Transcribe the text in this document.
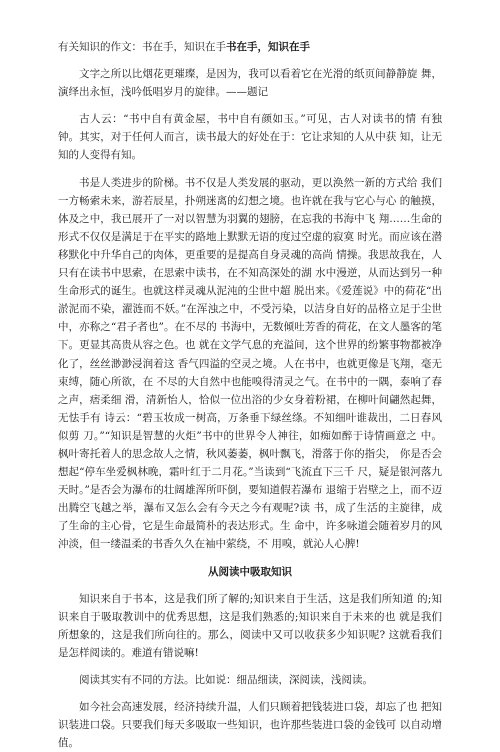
有关知识的作文：书在手，知识在手书在手，知识在手

文字之所以比烟花更璀璨，是因为，我可以看着它在光滑的纸页间静静旋 舞，演绎出永恒，浅吟低唱岁月的旋律。——题记

古人云：“书中自有黄金屋，书中自有颜如玉。”可见，古人对读书的情 有独钟。其实，对于任何人而言，读书最大的好处在于：它让求知的人从中获 知，让无知的人变得有知。

书是人类进步的阶梯。书不仅是人类发展的驱动，更以涣然一新的方式给 我们一方畅索未来，游若辰星，扑朔迷离的幻想之境。也许就在我与它心与心 的触摸，体及之中，我已展开了一对以智慧为羽翼的翅膀，在忘我的书海中飞 翔……生命的形式不仅仅是满足于在平实的路地上默默无语的度过空虚的寂寞 时光。而应该在潜移默化中升华自己的肉体，更重要的是提高自身灵魂的高尚 情操。我思故我在，人只有在读书中思索，在思索中读书，在不知高深处的湖 水中漫逆，从而达到另一种生命形式的诞生。也就这样灵魂从泥沌的尘世中超 脱出来。《爱莲说》中的荷花“出淤泥而不染，濯涟而不妖。”在浑浊之中，不受污染，以洁身自好的品格立足于尘世中，亦称之“君子者也”。在不尽的 书海中，无数倾吐芳香的荷花，在文人墨客的笔下。更显其高贵从容之色。也 就在文学气息的充溢间，这个世界的纷繁事物都被净化了，丝丝渺渺浸润着这 香气四溢的空灵之境。人在书中，也就更像是飞翔，毫无束缚，随心所欲，在 不尽的大自然中也能嗅得清灵之气。在书中的一隅，泰响了春之声，痞柔细 滑，清新怡人，恰似一位出浴的少女身着粉裙，在柳叶间翩然起舞，无怯手有 诗云：“碧玉妆成一树高，万条垂下绿丝绦。不知细叶谁裁出，二日春风似剪 刀。”“知识是智慧的火炬”书中的世界令人神往，如痴如醉于诗情画意之 中。枫叶寄托着人的思念故人之情，秋风萎萎，枫叶飘飞，滑落于你的指尖， 你是否会想起“停车坐爱枫林晚，霜叶红于二月花。”当读到“飞流直下三千 尺，疑是银河落九天时。”是否会为瀑布的壮阔雄浑所吓倒，要知道假若瀑布 退缩于岩壁之上，而不迈出腾空飞越之举，瀑布又怎么会有今天之今有观呢?读 书，成了生活的主旋律，成了生命的主心骨，它是生命最简朴的表达形式。生 命中，许多咏道会随着岁月的风沖淡，但一缕温柔的书香久久在袖中萦绕，不 用嗅，就沁人心脾!

从阅读中吸取知识

知识来自于书本，这是我们所了解的;知识来自于生活，这是我们所知道 的;知识来自于吸取教训中的优秀思想，这是我们熟悉的;知识来自于未来的也 就是我们所想象的，这是我们所向往的。那么，阅读中又可以收获多少知识呢? 这就看我们是怎样阅读的。难道有错说嘛!

阅读其实有不同的方法。比如说：细品细读，深阅读，浅阅读。

如今社会高速发展，经济持续升温，人们只顾着把钱装进口袋，却忘了也 把知识装进口袋。只要我们每天多吸取一些知识，也许那些装进口袋的金钱可 以自动增值。
